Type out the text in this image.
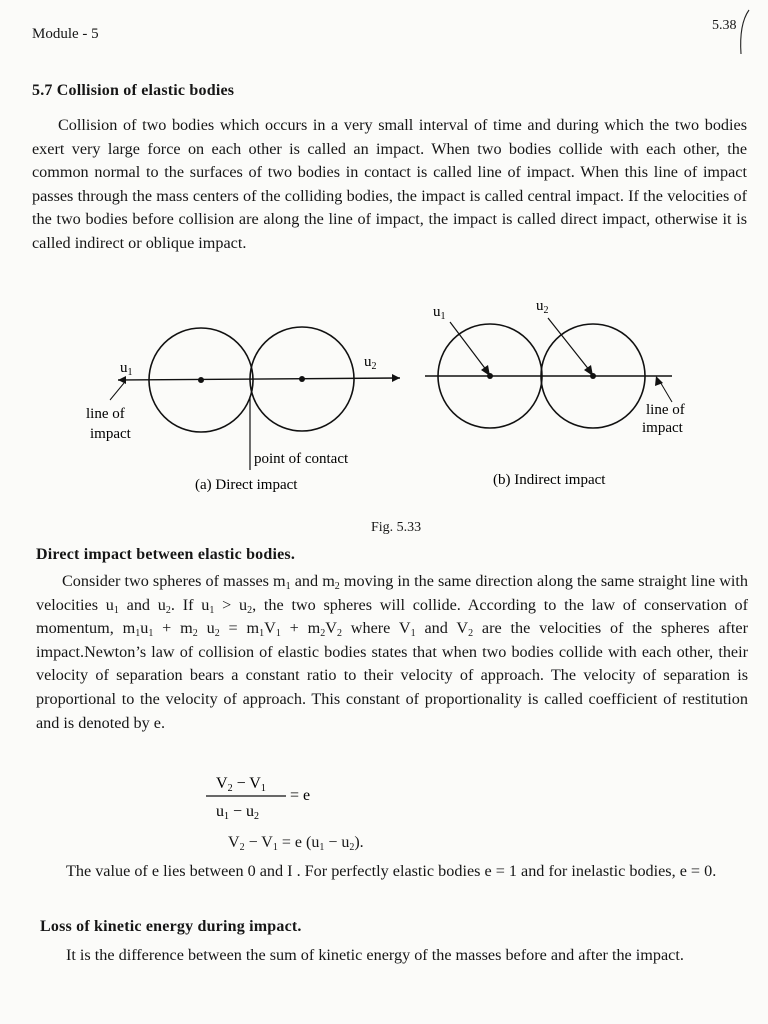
Module - 5
5.38
5.7 Collision of elastic bodies
Collision of two bodies which occurs in a very small interval of time and during which the two bodies exert very large force on each other is called an impact. When two bodies collide with each other, the common normal to the surfaces of two bodies in contact is called line of impact. When this line of impact passes through the mass centers of the colliding bodies, the impact is called central impact. If the velocities of the two bodies before collision are along the line of impact, the impact is called direct impact, otherwise it is called indirect or oblique impact.
$u_1$
$u_2$
line of
impact
point of contact
(a) Direct impact
$u_1$
$u_2$
line of
impact
(b) Indirect impact
Fig. 5.33
Direct impact between elastic bodies.
Consider two spheres of masses $m_1$ and $m_2$ moving in the same direction along the same straight line with velocities $u_1$ and $u_2$. If $u_1 > u_2$, the two spheres will collide. According to the law of conservation of momentum, $m_1u_1 + m_2$ $u_2 = m_1V_1 + m_2V_2$ where $V_1$ and $V_2$ are the velocities of the spheres after impact.Newton’s law of collision of elastic bodies states that when two bodies collide with each other, their velocity of separation bears a constant ratio to their velocity of approach. The velocity of separation is proportional to the velocity of approach. This constant of proportionality is called coefficient of restitution and is denoted by e.
V2 − V1
u1 − u2
= e
$V_2 - V_1 = e$ $(u_1 - u_2)$.
The value of e lies between 0 and I . For perfectly elastic bodies e = 1 and for inelastic bodies, e = 0.
Loss of kinetic energy during impact.
It is the difference between the sum of kinetic energy of the masses before and after the impact.
